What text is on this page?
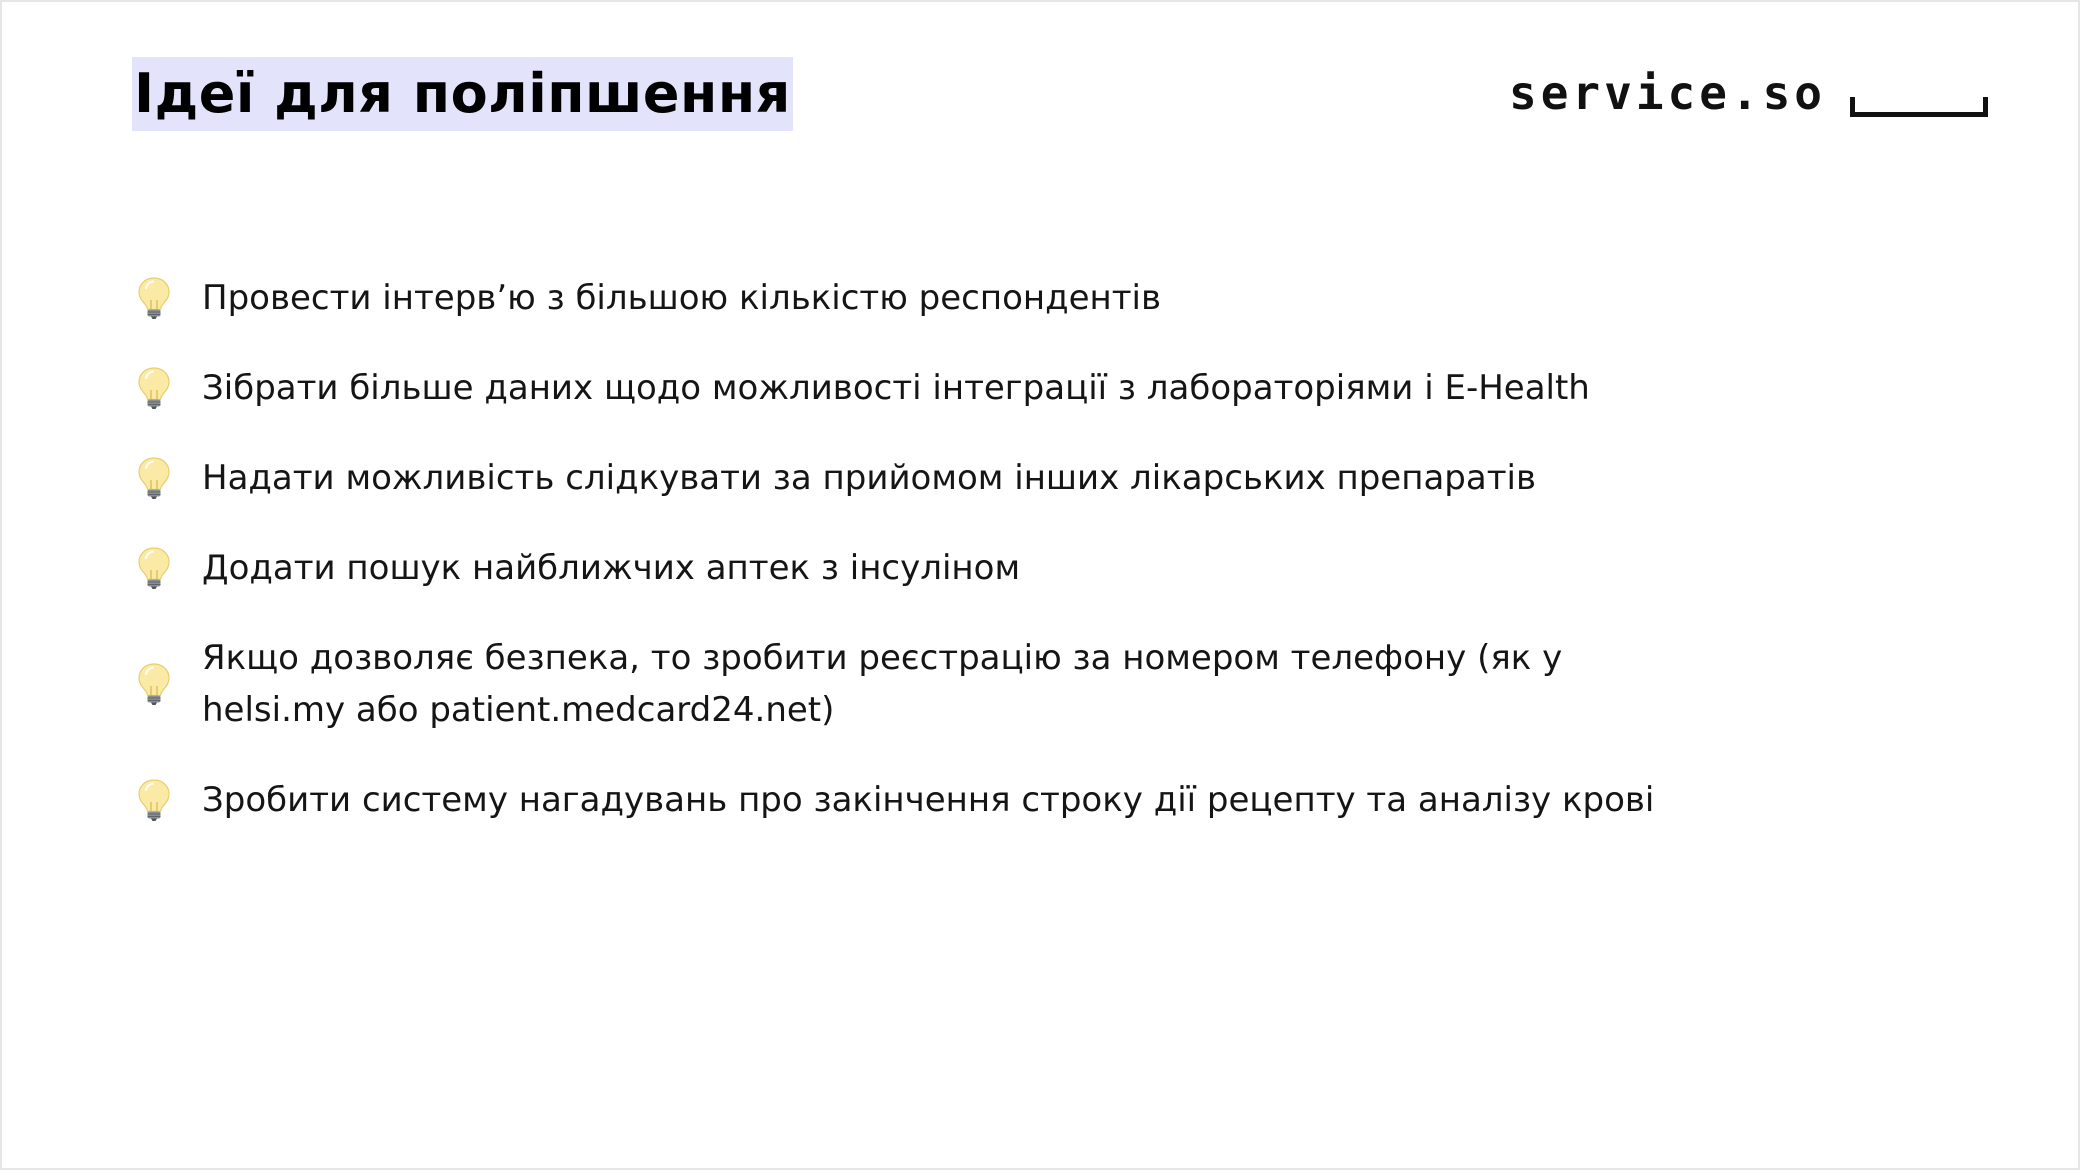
Ідеї для поліпшення	service.so
Провести інтерв’ю з більшою кількістю респондентів
Зібрати більше даних щодо можливості інтеграції з лабораторіями і E-Health
Надати можливість слідкувати за прийомом інших лікарських препаратів
Додати пошук найближчих аптек з інсуліном
Якщо дозволяє безпека, то зробити реєстрацію за номером телефону (як у helsi.my або patient.medcard24.net)
Зробити систему нагадувань про закінчення строку дії рецепту та аналізу крові
